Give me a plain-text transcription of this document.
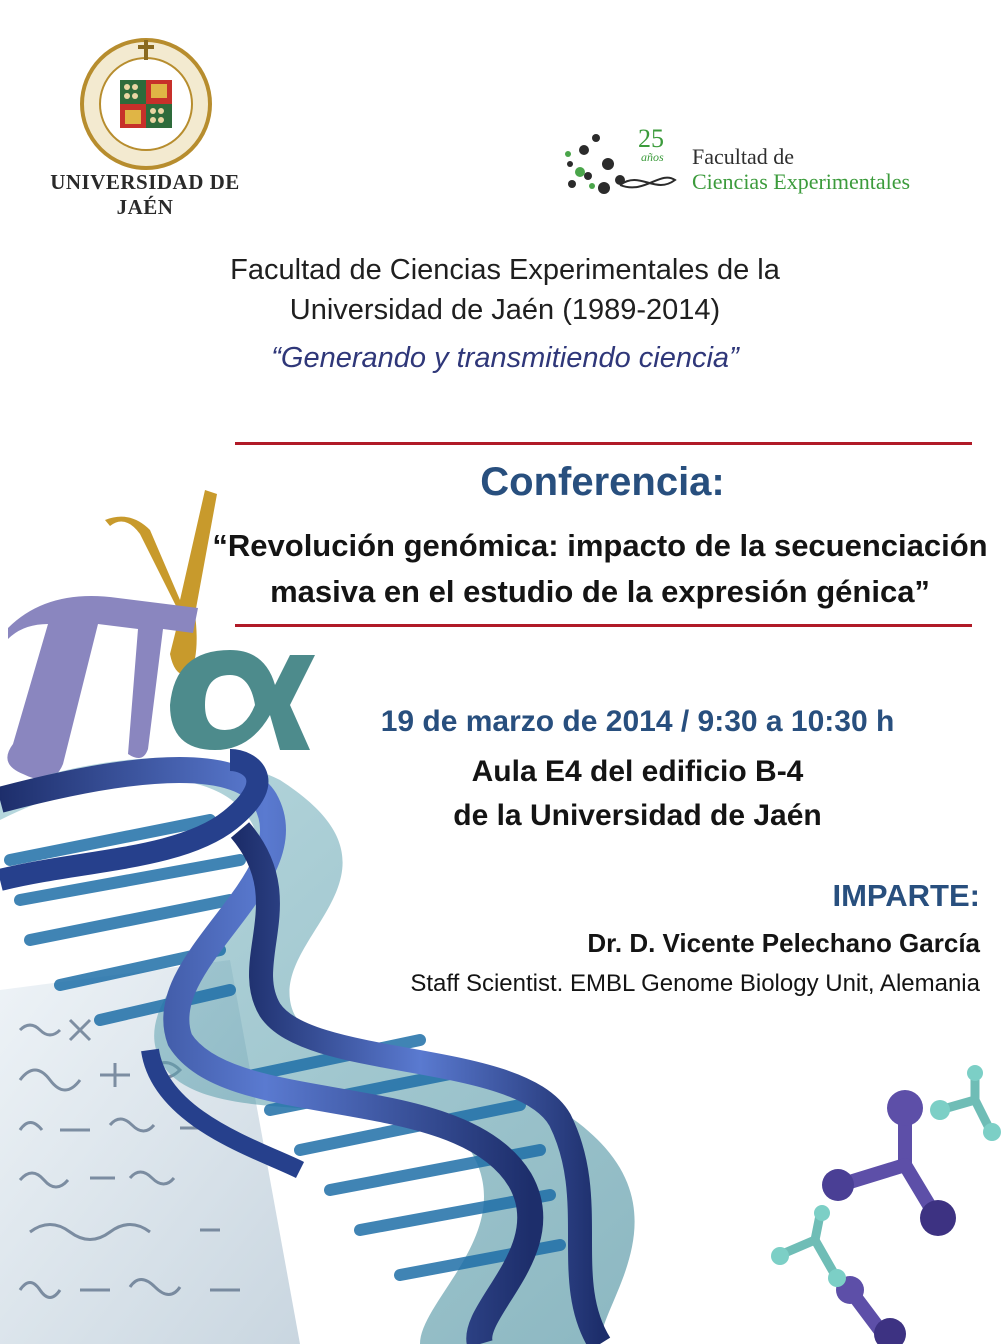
UNIVERSIDAD DE JAÉN
25
años Facultad de
Ciencias Experimentales
Facultad de Ciencias Experimentales de la
Universidad de Jaén (1989-2014)
“Generando y transmitiendo ciencia”
Conferencia:
“Revolución genómica: impacto de la secuenciación
masiva en el estudio de la expresión génica”
19 de marzo de 2014 / 9:30 a 10:30 h
Aula E4 del edificio B-4
de la Universidad de Jaén
IMPARTE:
Dr. D. Vicente Pelechano García
Staff Scientist. EMBL Genome Biology Unit, Alemania
